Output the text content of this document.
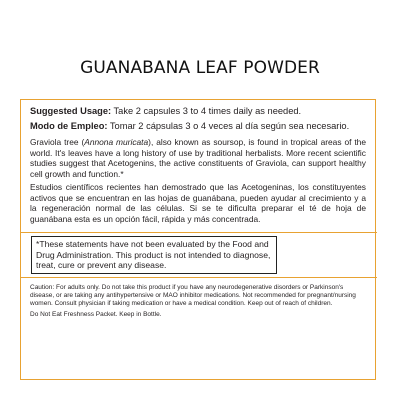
GUANABANA LEAF POWDER

Suggested Usage: Take 2 capsules 3 to 4 times daily as needed.

Modo de Empleo: Tomar 2 cápsulas 3 o 4 veces al día según sea necesario.

Graviola tree (Annona muricata), also known as soursop, is found in tropical areas of the world. It's leaves have a long history of use by traditional herbalists. More recent scientific studies suggest that Acetogenins, the active constituents of Graviola, can support healthy cell growth and function.*

Estudios científicos recientes han demostrado que las Acetogeninas, los constituyentes activos que se encuentran en las hojas de guanábana, pueden ayudar al crecimiento y a la regeneración normal de las células. Si se te dificulta preparar el té de hoja de guanábana esta es un opción fácil, rápida y más concentrada.

*These statements have not been evaluated by the Food and Drug Administration. This product is not intended to diagnose, treat, cure or prevent any disease.

Caution: For adults only. Do not take this product if you have any neurodegenerative disorders or Parkinson's disease, or are taking any antihypertensive or MAO inhibitor medications. Not recommended for pregnant/nursing women. Consult physician if taking medication or have a medical condition. Keep out of reach of children.

Do Not Eat Freshness Packet. Keep in Bottle.
